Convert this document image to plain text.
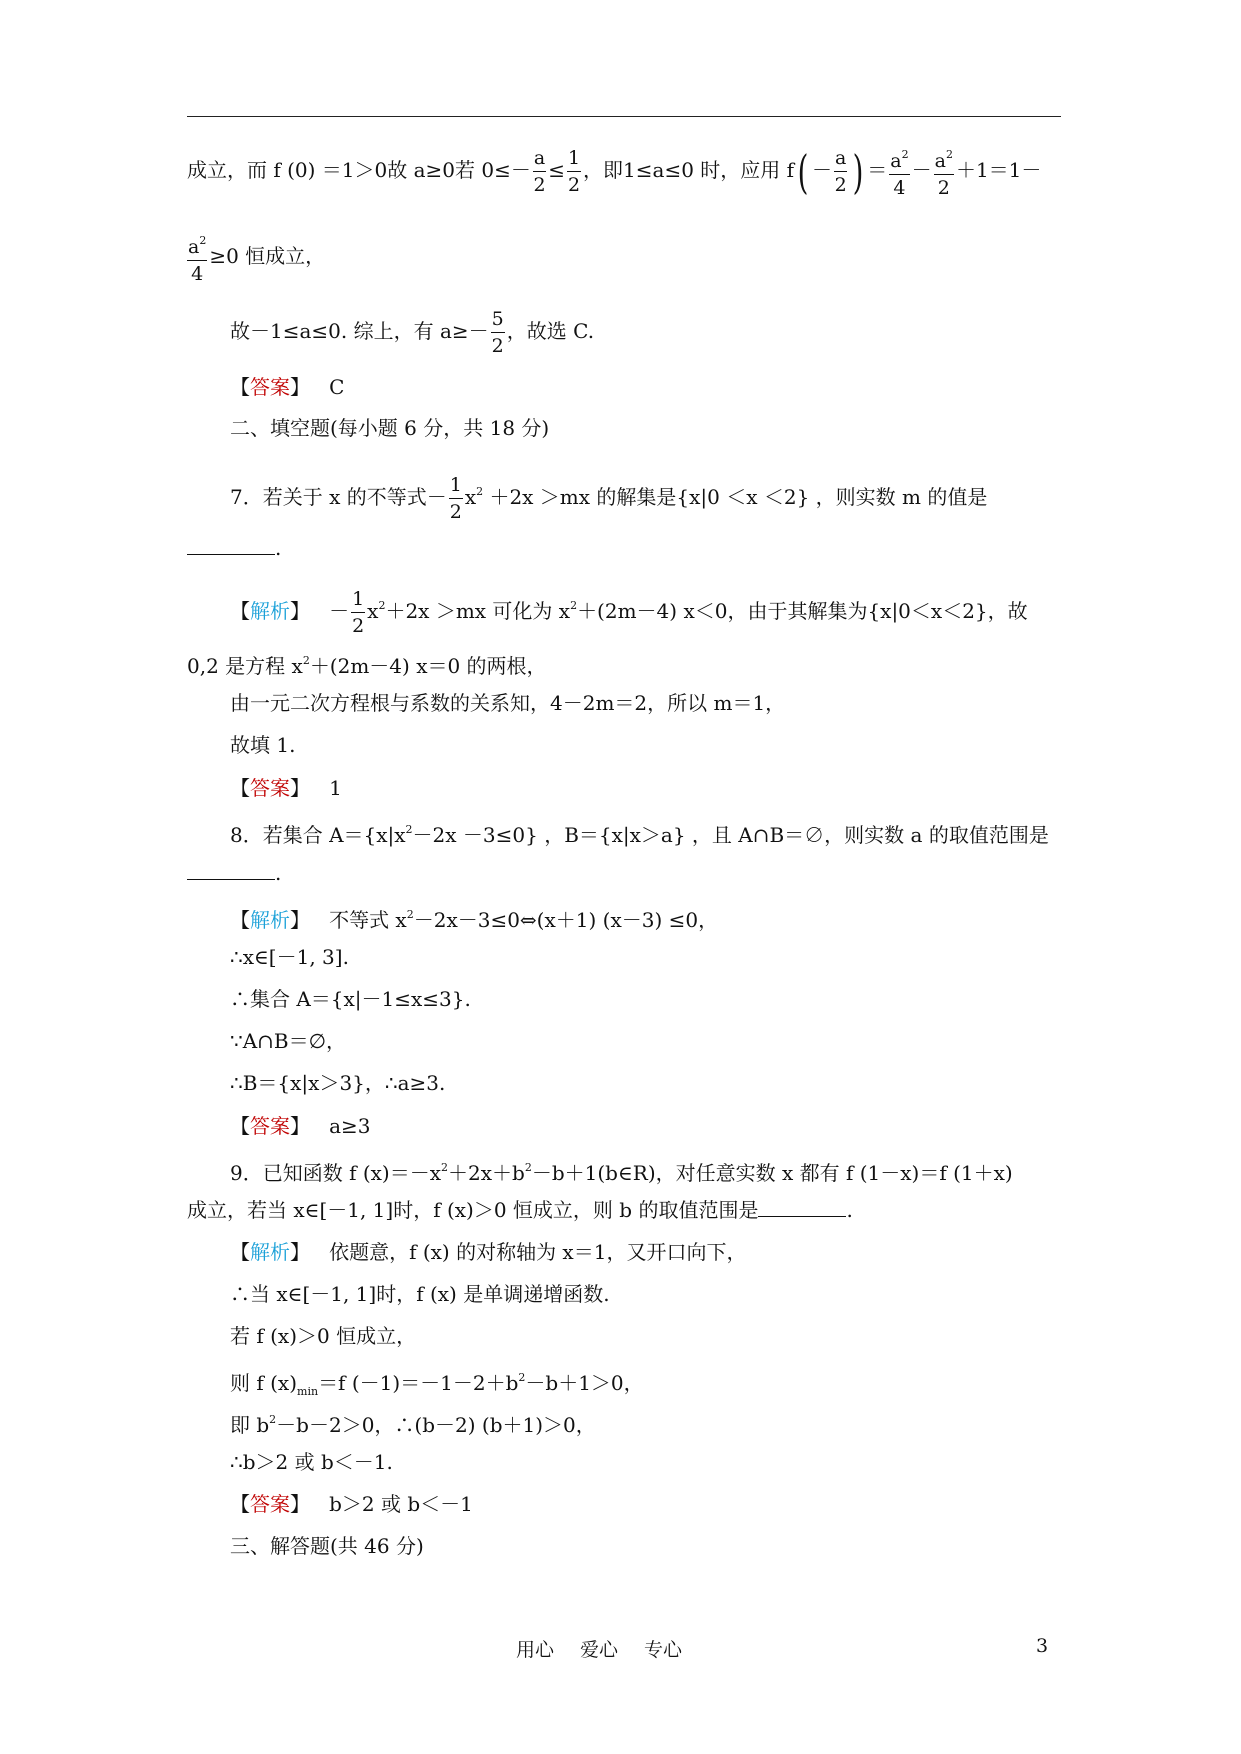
成立，而 f (0) ＝1＞0故 a≥0若 $0\le- \frac{a}{2} \le \frac{1}{2}$ ，即1≤a≤0 时，应用 $f( - \frac{a}{2}$ ) ＝ $\frac{a^2}{4} - \frac{a^2}{2} +1=1-$
$\frac{a^2}{4} \ge 0$ 恒成立，
故－1≤a≤0. 综上，有 $a\ge- \frac{5}{2}$ ，故选 C.
【答案】 C
二、填空题(每小题 6 分，共 18 分)
7．若关于 x 的不等式－ $\frac{1}{2} x^2 +2x >mx$ 的解集是{x|0 ＜x ＜2} ，则实数 m 的值是
.
【解析】 － $\frac{1}{2} x^2+2x >mx$ 可化为 $x^2+(2m-4)$ x＜0，由于其解集为{x|0＜x＜2}，故
0,2 是方程 $x^2+(2m-4)$ x＝0 的两根，
由一元二次方程根与系数的关系知，4－2m＝2，所以 m＝1，
故填 1.
【答案】 1
8．若集合 $A=\{x|x^2-2x -3\le 0\}$ ，B＝{x|x＞a} ，且 A∩B＝∅，则实数 a 的取值范围是
.
【解析】 不等式 $x^2-2x-3\le 0\Leftrightarrow(x+1)$ (x－3) ≤0，
∴x∈[－1, 3].
∴集合 A＝{x|－1≤x≤3}.
∵A∩B＝∅，
∴B＝{x|x＞3}，∴a≥3.
【答案】 a≥3
9．已知函数 f $(x)=-x^2+2x+b^2-b+1(b\in R)$，对任意实数 x 都有 f (1－x)＝f (1＋x)
成立，若当 x∈[－1, 1]时，f (x)＞0 恒成立，则 b 的取值范围是	.
【解析】 依题意，f (x) 的对称轴为 x＝1，又开口向下，
∴当 x∈[－1, 1]时，f (x) 是单调递增函数.
若 f (x)＞0 恒成立，
则 f $(x)_{min}=f$ $(-1)=-1-2+b^2-b+1>0$，
即 $b^2-b-2>0$，∴(b－2) (b＋1)＞0，
∴b＞2 或 b＜－1.
【答案】 b＞2 或 b＜－1
三、解答题(共 46 分)
用心 爱心 专心	3
